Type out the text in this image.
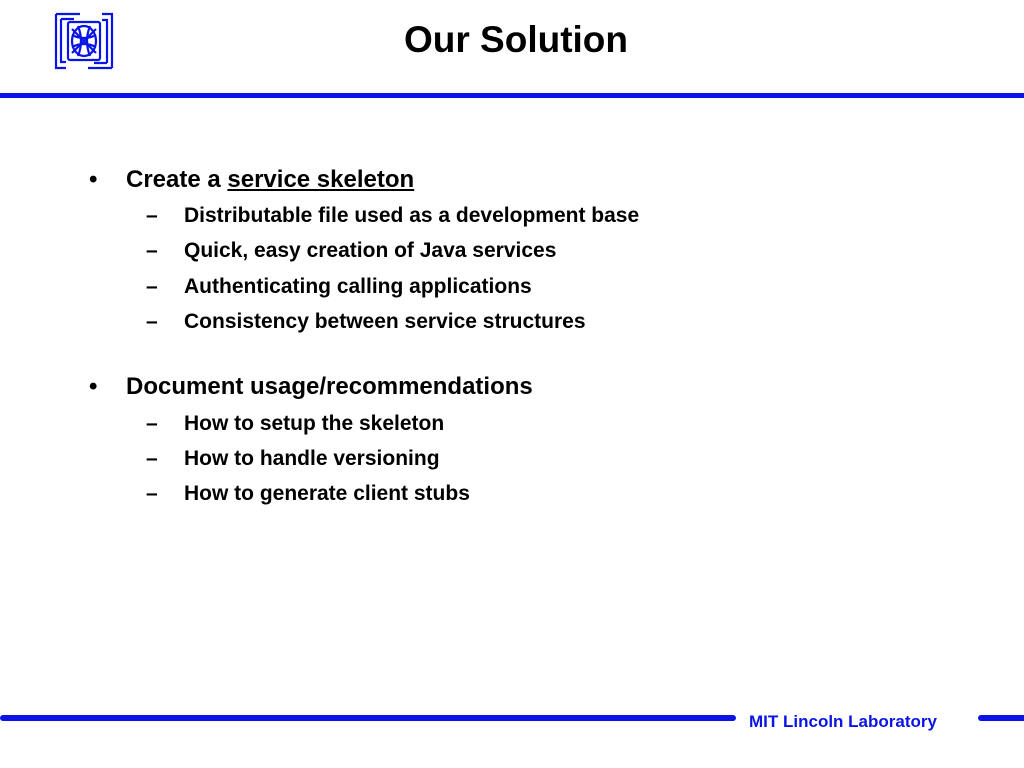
Our Solution
• Create a service skeleton
– Distributable file used as a development base
– Quick, easy creation of Java services
– Authenticating calling applications
– Consistency between service structures
• Document usage/recommendations
– How to setup the skeleton
– How to handle versioning
– How to generate client stubs
MIT Lincoln Laboratory
